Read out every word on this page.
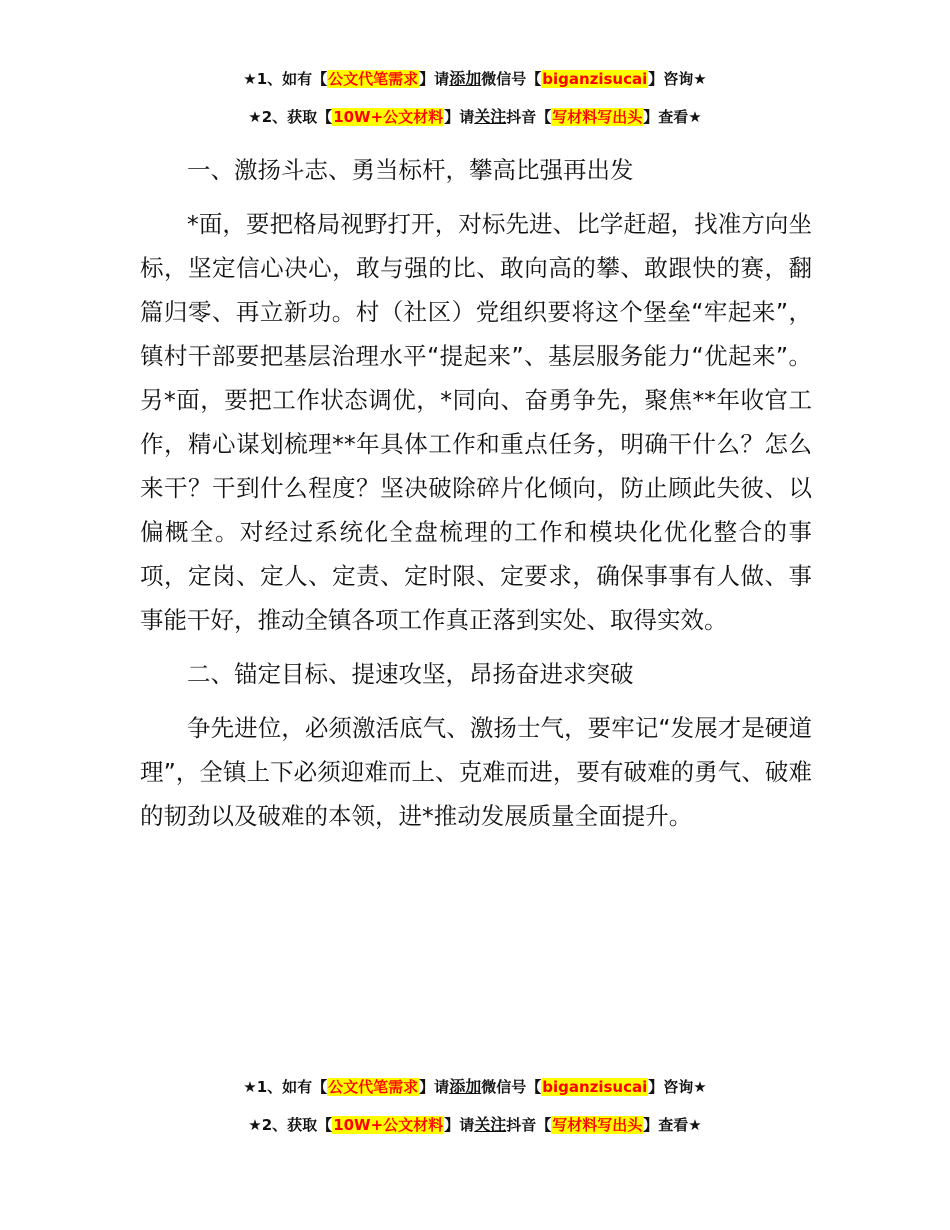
★1、如有【公文代笔需求】请添加微信号【biganzisucai】咨询★
★2、获取【10W+公文材料】请关注抖音【写材料写出头】查看★

一、激扬斗志、勇当标杆，攀高比强再出发

*面，要把格局视野打开，对标先进、比学赶超，找准方向坐标，坚定信心决心，敢与强的比、敢向高的攀、敢跟快的赛，翻篇归零、再立新功。村（社区）党组织要将这个堡垒“牢起来”，镇村干部要把基层治理水平“提起来”、基层服务能力“优起来”。另*面，要把工作状态调优，*同向、奋勇争先，聚焦**年收官工作，精心谋划梳理**年具体工作和重点任务，明确干什么？怎么来干？干到什么程度？坚决破除碎片化倾向，防止顾此失彼、以偏概全。对经过系统化全盘梳理的工作和模块化优化整合的事项，定岗、定人、定责、定时限、定要求，确保事事有人做、事事能干好，推动全镇各项工作真正落到实处、取得实效。

二、锚定目标、提速攻坚，昂扬奋进求突破

争先进位，必须激活底气、激扬士气，要牢记“发展才是硬道理”，全镇上下必须迎难而上、克难而进，要有破难的勇气、破难的韧劲以及破难的本领，进*推动发展质量全面提升。

★1、如有【公文代笔需求】请添加微信号【biganzisucai】咨询★
★2、获取【10W+公文材料】请关注抖音【写材料写出头】查看★
